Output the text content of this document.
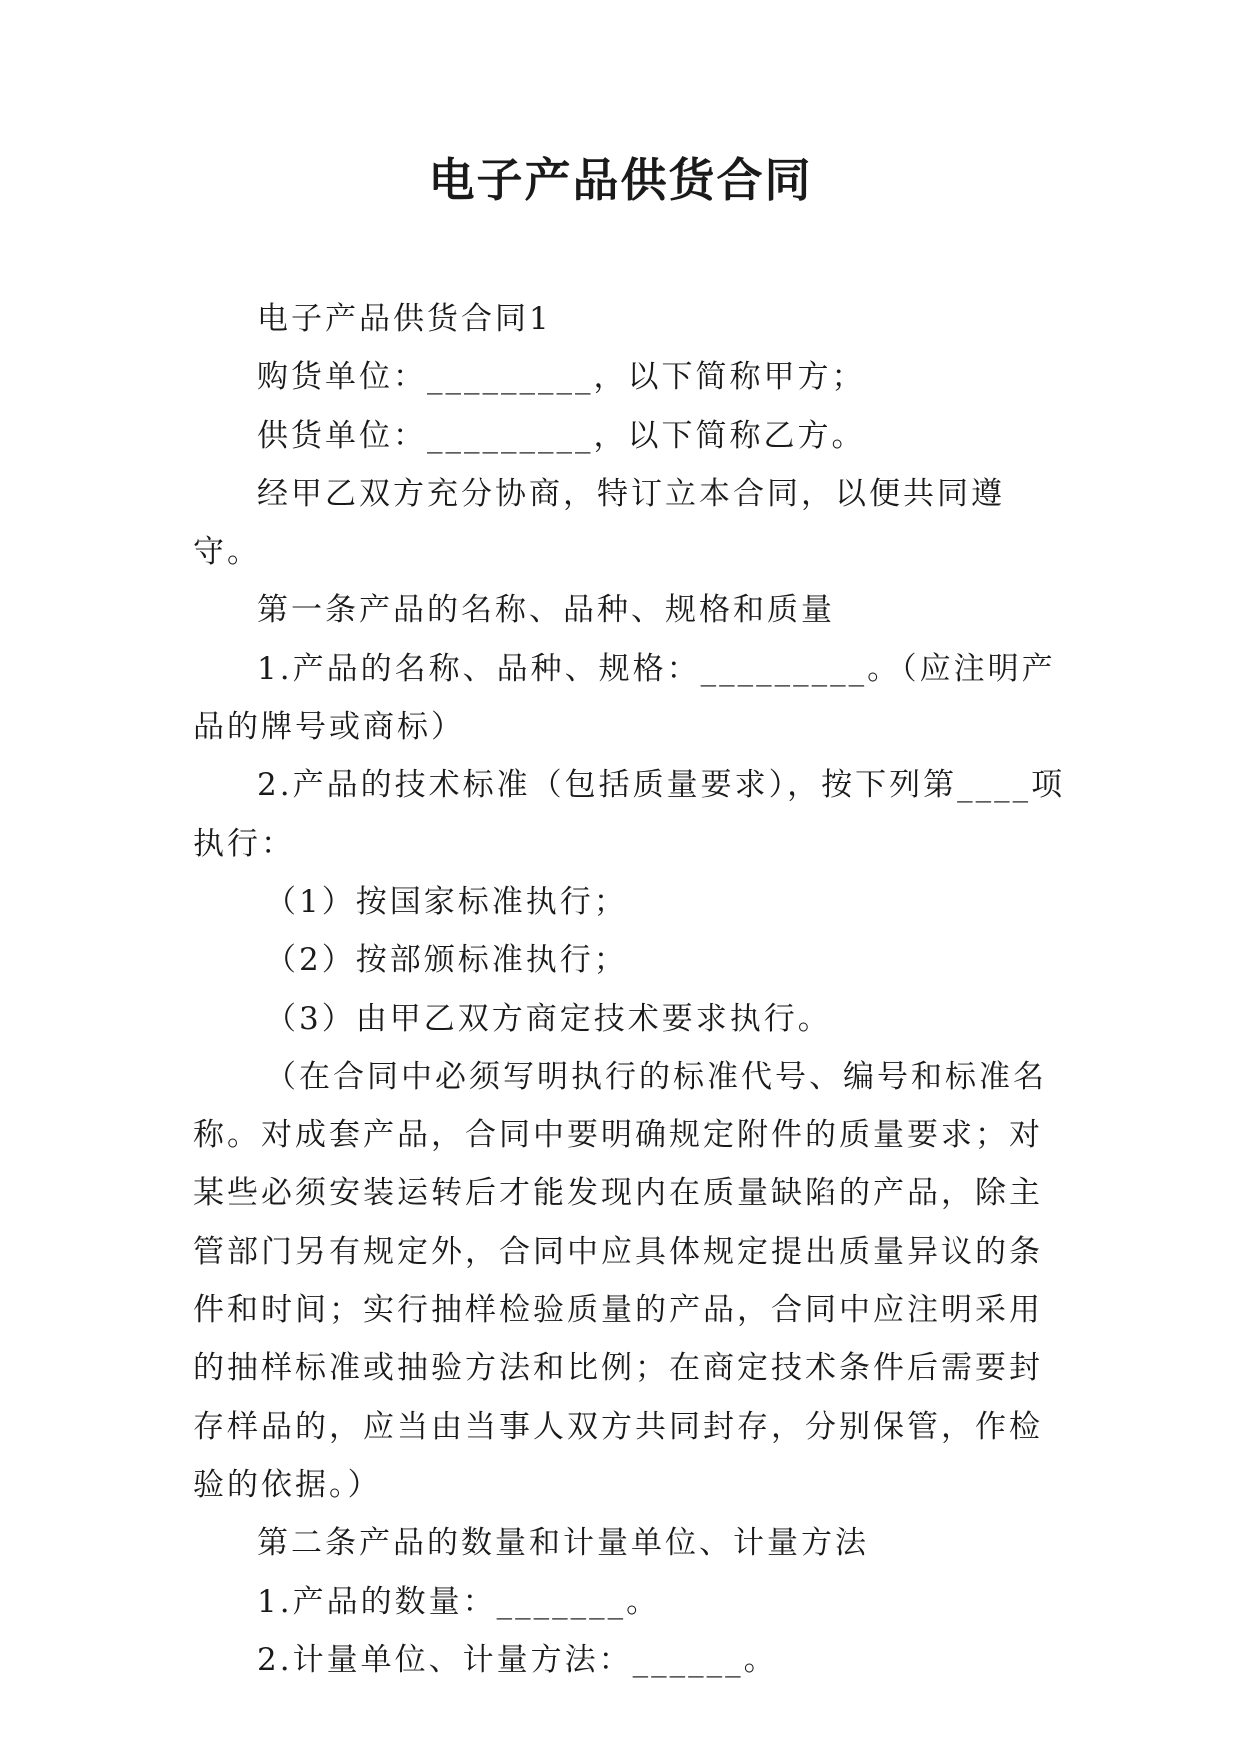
电子产品供货合同

电子产品供货合同1

购货单位：_________，以下简称甲方；

供货单位：_________，以下简称乙方。

经甲乙双方充分协商，特订立本合同，以便共同遵守。

第一条产品的名称、品种、规格和质量

1.产品的名称、品种、规格：_________。（应注明产品的牌号或商标）

2.产品的技术标准（包括质量要求），按下列第____项执行：

（1）按国家标准执行；

（2）按部颁标准执行；

（3）由甲乙双方商定技术要求执行。

（在合同中必须写明执行的标准代号、编号和标准名称。对成套产品，合同中要明确规定附件的质量要求；对某些必须安装运转后才能发现内在质量缺陷的产品，除主管部门另有规定外，合同中应具体规定提出质量异议的条件和时间；实行抽样检验质量的产品，合同中应注明采用的抽样标准或抽验方法和比例；在商定技术条件后需要封存样品的，应当由当事人双方共同封存，分别保管，作检验的依据。）

第二条产品的数量和计量单位、计量方法

1.产品的数量：_______。

2.计量单位、计量方法：______。
